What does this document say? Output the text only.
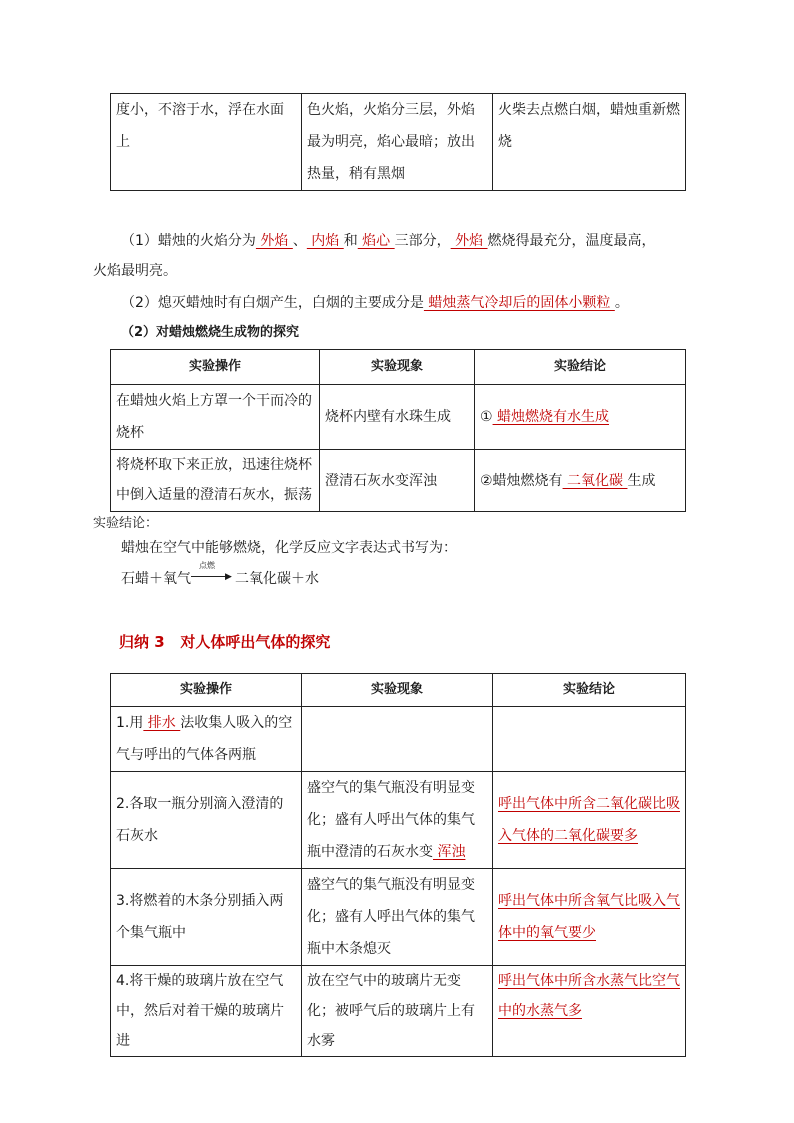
度小，不溶于水，浮在水面上	色火焰，火焰分三层，外焰最为明亮，焰心最暗；放出热量，稍有黑烟	火柴去点燃白烟，蜡烛重新燃烧
（1）蜡烛的火焰分为 外焰 、 内焰 和 焰心 三部分， 外焰 燃烧得最充分，温度最高，
火焰最明亮。
（2）熄灭蜡烛时有白烟产生，白烟的主要成分是 蜡烛蒸气冷却后的固体小颗粒 。
（2）对蜡烛燃烧生成物的探究
实验操作	实验现象	实验结论
在蜡烛火焰上方罩一个干而冷的烧杯	烧杯内壁有水珠生成	① 蜡烛燃烧有水生成
将烧杯取下来正放，迅速往烧杯中倒入适量的澄清石灰水，振荡	澄清石灰水变浑浊	②蜡烛燃烧有 二氧化碳 生成
实验结论：
蜡烛在空气中能够燃烧，化学反应文字表达式书写为：
石蜡＋氧气
点燃
▶ 二氧化碳＋水
归纳 3   对人体呼出气体的探究
实验操作	实验现象	实验结论
1.用 排水 法收集人吸入的空气与呼出的气体各两瓶		
2.各取一瓶分别滴入澄清的石灰水	盛空气的集气瓶没有明显变化；盛有人呼出气体的集气瓶中澄清的石灰水变 浑浊	呼出气体中所含二氧化碳比吸入气体的二氧化碳要多
3.将燃着的木条分别插入两个集气瓶中	盛空气的集气瓶没有明显变化；盛有人呼出气体的集气瓶中木条熄灭	呼出气体中所含氧气比吸入气体中的氧气要少
4.将干燥的玻璃片放在空气中，然后对着干燥的玻璃片进	放在空气中的玻璃片无变化；被呼气后的玻璃片上有水雾	呼出气体中所含水蒸气比空气中的水蒸气多
